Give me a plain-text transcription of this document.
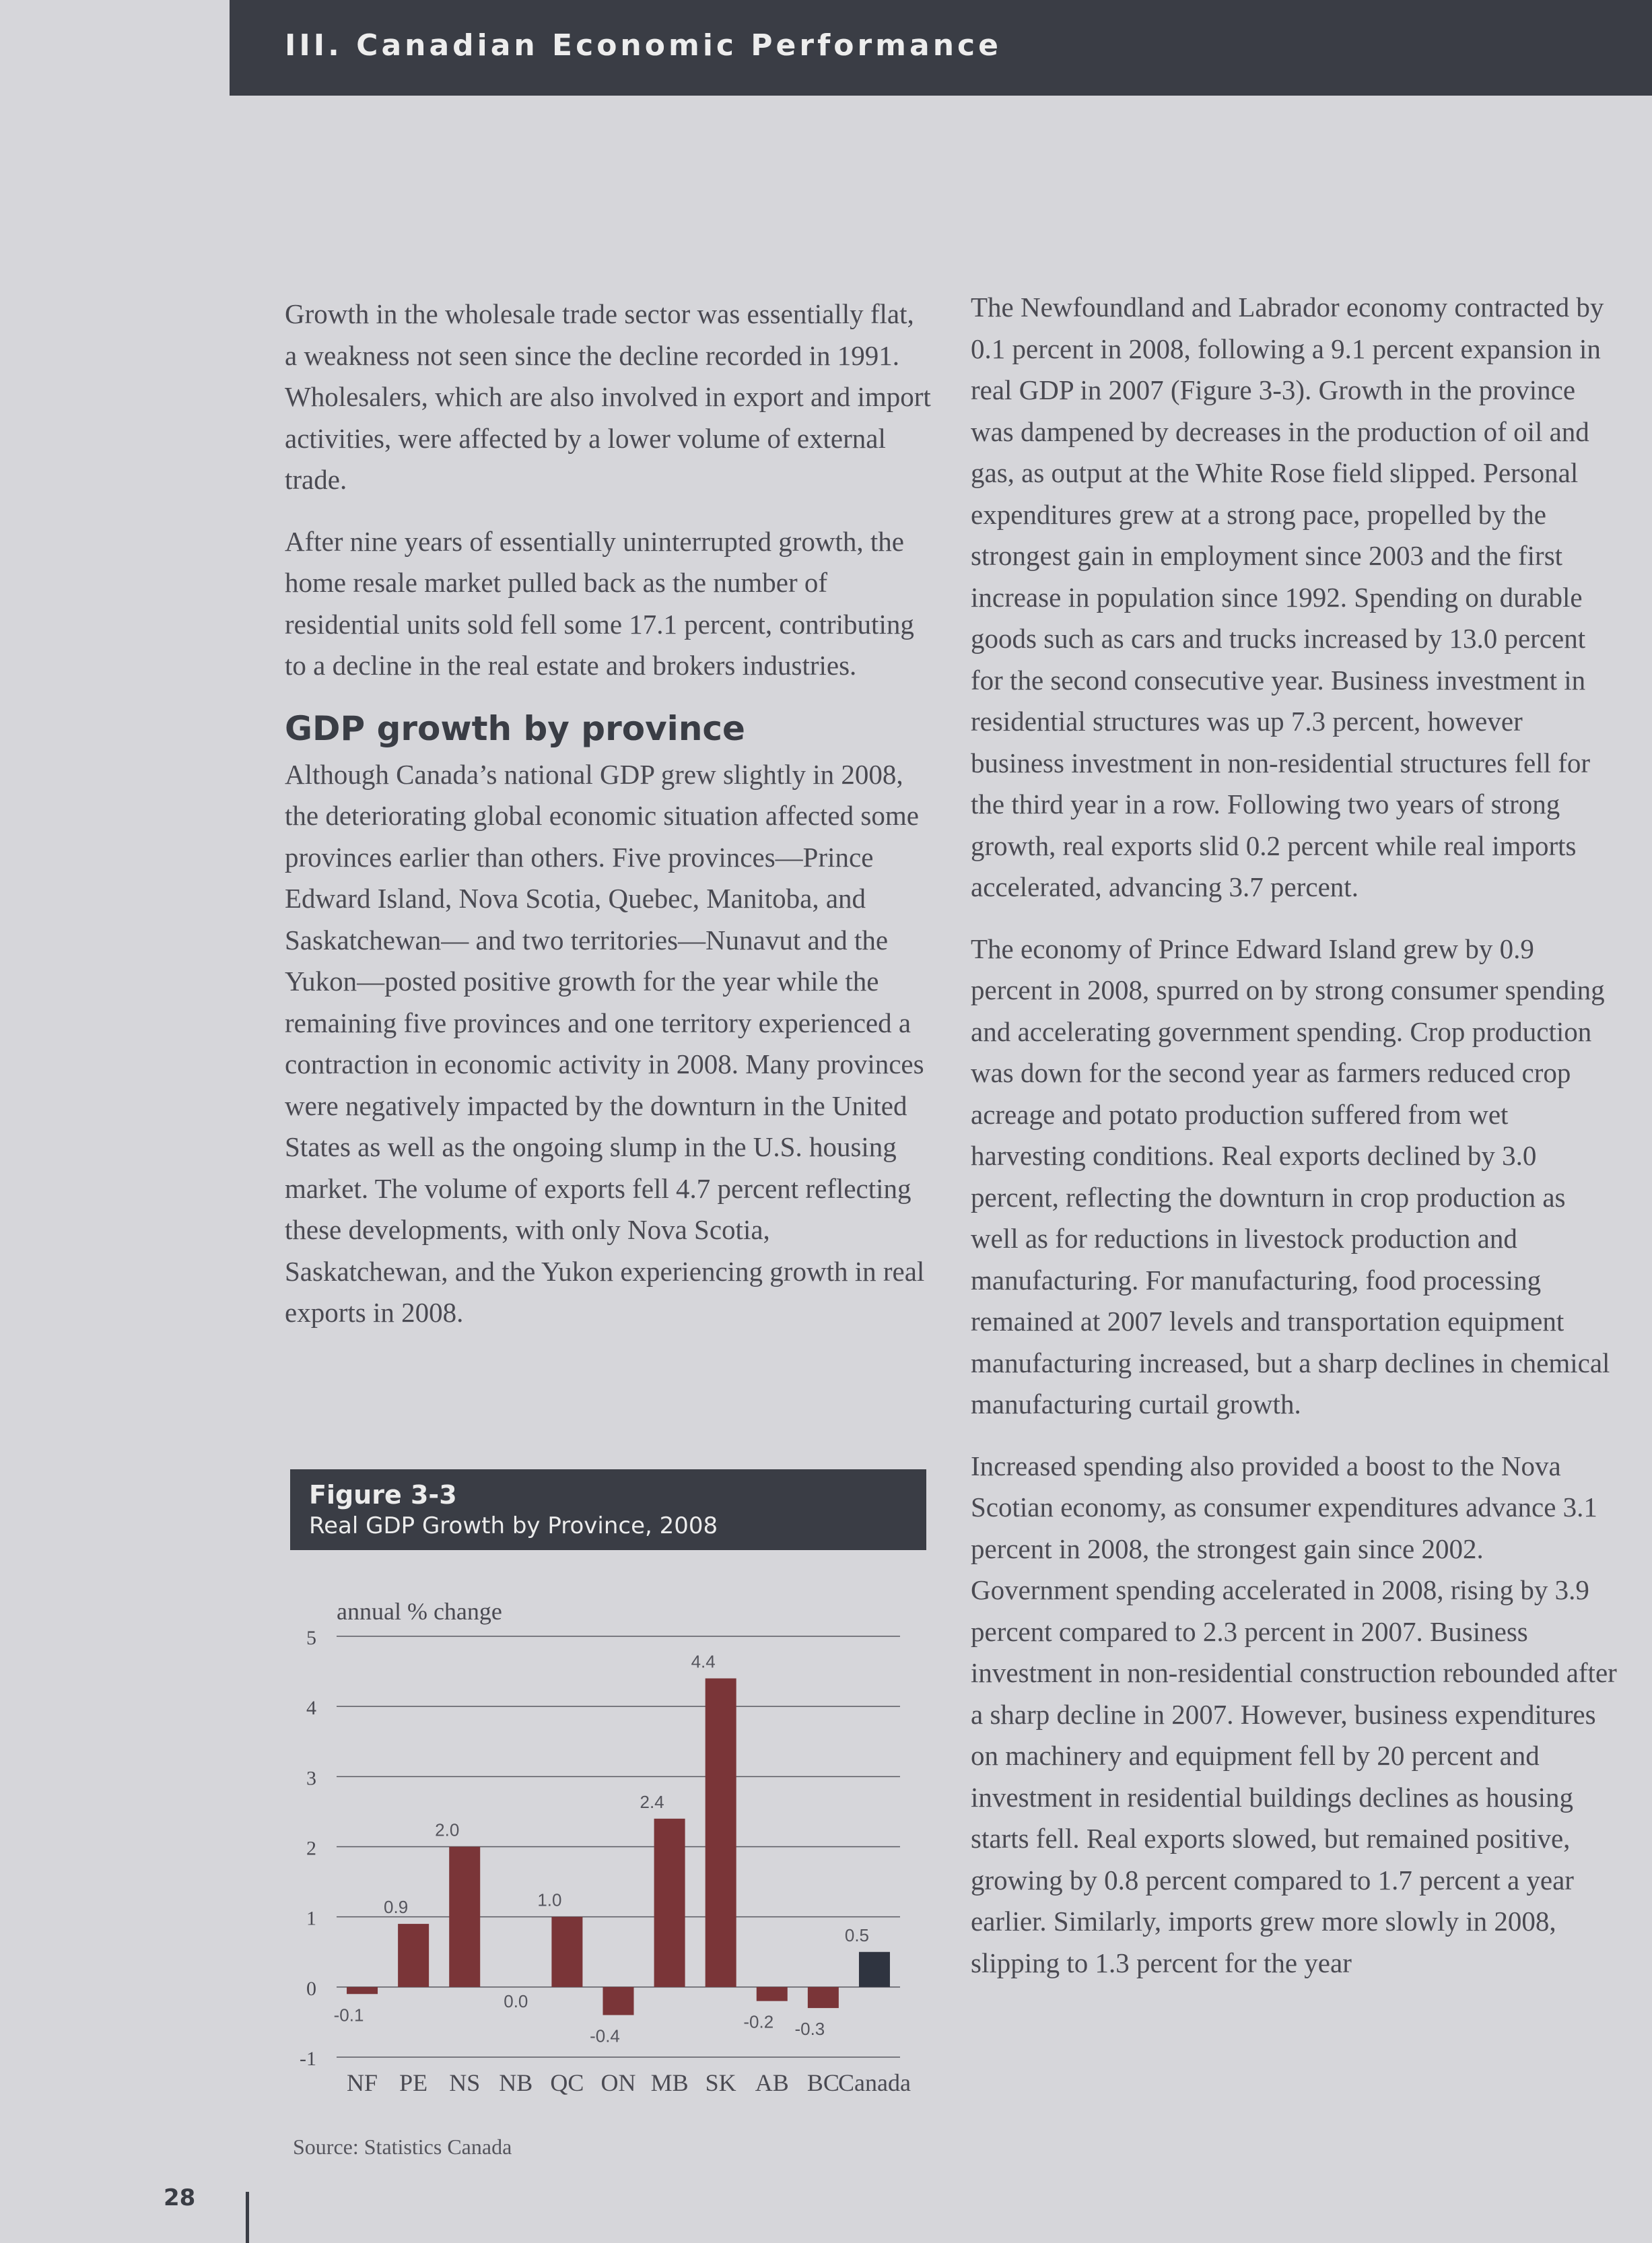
III. Canadian Economic Performance

Growth in the wholesale trade sector was essentially flat, a weakness not seen since the decline recorded in 1991. Wholesalers, which are also involved in export and import activities, were affected by a lower volume of external trade.

After nine years of essentially uninterrupted growth, the home resale market pulled back as the number of residential units sold fell some 17.1 percent, contributing to a decline in the real estate and brokers industries.

GDP growth by province

Although Canada’s national GDP grew slightly in 2008, the deteriorating global economic situation affected some provinces earlier than others. Five provinces—Prince Edward Island, Nova Scotia, Quebec, Manitoba, and Saskatchewan— and two territories—Nunavut and the Yukon—posted positive growth for the year while the remaining five provinces and one territory experienced a contraction in economic activity in 2008. Many provinces were negatively impacted by the downturn in the United States as well as the ongoing slump in the U.S. housing market. The volume of exports fell 4.7 percent reflecting these developments, with only Nova Scotia, Saskatchewan, and the Yukon experiencing growth in real exports in 2008.

The Newfoundland and Labrador economy contracted by 0.1 percent in 2008, following a 9.1 percent expansion in real GDP in 2007 (Figure 3-3). Growth in the province was dampened by decreases in the production of oil and gas, as output at the White Rose field slipped. Personal expenditures grew at a strong pace, propelled by the strongest gain in employment since 2003 and the first increase in population since 1992. Spending on durable goods such as cars and trucks increased by 13.0 percent for the second consecutive year. Business investment in residential structures was up 7.3 percent, however business investment in non-residential structures fell for the third year in a row. Following two years of strong growth, real exports slid 0.2 percent while real imports accelerated, advancing 3.7 percent.

The economy of Prince Edward Island grew by 0.9 percent in 2008, spurred on by strong consumer spending and accelerating government spending. Crop production was down for the second year as farmers reduced crop acreage and potato production suffered from wet harvesting conditions. Real exports declined by 3.0 percent, reflecting the downturn in crop production as well as for reductions in livestock production and manufacturing. For manufacturing, food processing remained at 2007 levels and transportation equipment manufacturing increased, but a sharp declines in chemical manufacturing curtail growth.

Increased spending also provided a boost to the Nova Scotian economy, as consumer expenditures advance 3.1 percent in 2008, the strongest gain since 2002. Government spending accelerated in 2008, rising by 3.9 percent compared to 2.3 percent in 2007. Business investment in non-residential construction rebounded after a sharp decline in 2007. However, business expenditures on machinery and equipment fell by 20 percent and investment in residential buildings declines as housing starts fell. Real exports slowed, but remained positive, growing by 0.8 percent compared to 1.7 percent a year earlier. Similarly, imports grew more slowly in 2008, slipping to 1.3 percent for the year

Figure 3-3
Real GDP Growth by Province, 2008
annual % change
-1
0
1
2
3
4
5
-0.1
NF
0.9
PE
2.0
NS
0.0
NB
1.0
QC
-0.4
ON
2.4
MB
4.4
SK
-0.2
AB
-0.3
BC
0.5
Canada
Source: Statistics Canada
28
